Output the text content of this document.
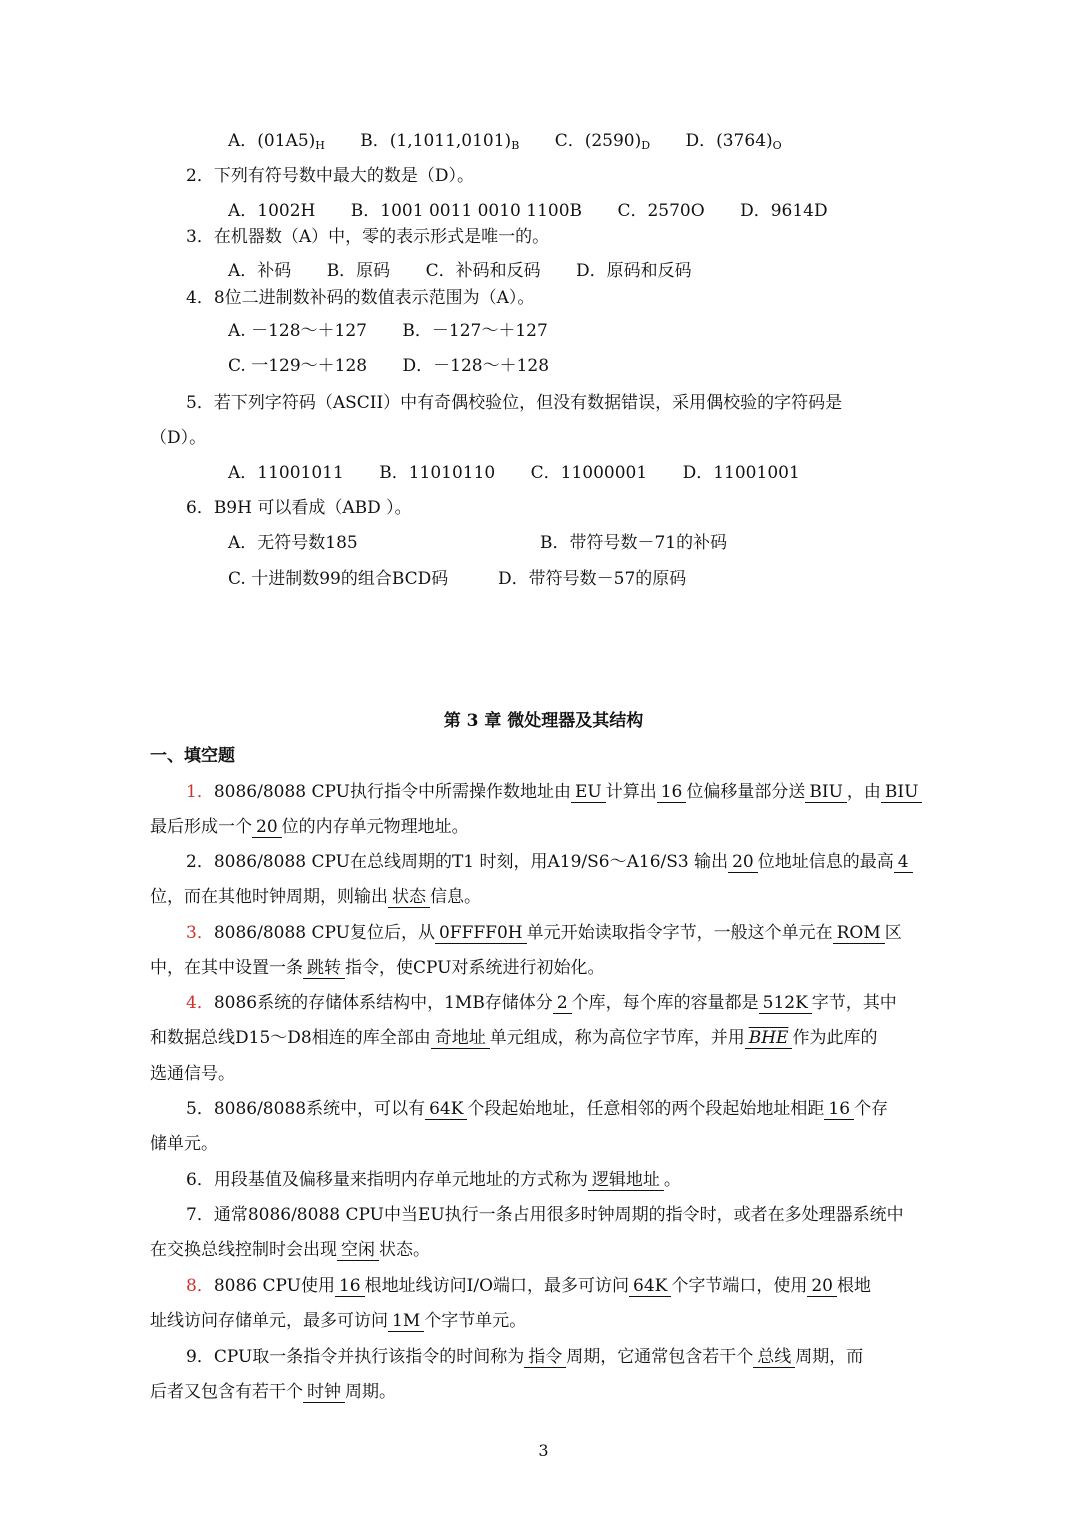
A．$(01A5)_H$ B．$(1,1011,0101)_B$ C．$(2590)_D$ D．$(3764)_O$
2．下列有符号数中最大的数是（D）。
A．1002H B．1001 0011 0010 1100B C．2570O D．9614D
3．在机器数（A）中，零的表示形式是唯一的。
A．补码 B．原码 C．补码和反码 D．原码和反码
4．8位二进制数补码的数值表示范围为（A）。
A. －128～＋127 B．－127～＋127
C. 一129～＋128 D．－128～＋128
5．若下列字符码（ASCII）中有奇偶校验位，但没有数据错误，采用偶校验的字符码是
（D）。
A．11001011 B．11010110 C．11000001 D．11001001
6．B9H 可以看成（ABD ）。
A．无符号数185	B．带符号数－71的补码
C. 十进制数99的组合BCD码	D．带符号数－57的原码
第 3 章 微处理器及其结构
一、填空题
1．8086/8088 CPU执行指令中所需操作数地址由 EU 计算出 16 位偏移量部分送 BIU ，由 BIU
最后形成一个 20 位的内存单元物理地址。
2．8086/8088 CPU在总线周期的T1 时刻，用A19/S6～A16/S3 输出 20 位地址信息的最高 4
位，而在其他时钟周期，则输出 状态 信息。
3．8086/8088 CPU复位后，从 0FFFF0H 单元开始读取指令字节，一般这个单元在 ROM 区
中，在其中设置一条 跳转 指令，使CPU对系统进行初始化。
4．8086系统的存储体系结构中，1MB存储体分 2 个库，每个库的容量都是 512K 字节，其中
和数据总线D15～D8相连的库全部由 奇地址 单元组成，称为高位字节库，并用 $\overline{BHE}$ 作为此库的
选通信号。
5．8086/8088系统中，可以有 64K 个段起始地址，任意相邻的两个段起始地址相距 16 个存
储单元。
6．用段基值及偏移量来指明内存单元地址的方式称为 逻辑地址 。
7．通常8086/8088 CPU中当EU执行一条占用很多时钟周期的指令时，或者在多处理器系统中
在交换总线控制时会出现 空闲 状态。
8．8086 CPU使用 16 根地址线访问I/O端口，最多可访问 64K 个字节端口，使用 20 根地
址线访问存储单元，最多可访问 1M 个字节单元。
9．CPU取一条指令并执行该指令的时间称为 指令 周期，它通常包含若干个 总线 周期，而
后者又包含有若干个 时钟 周期。
3
